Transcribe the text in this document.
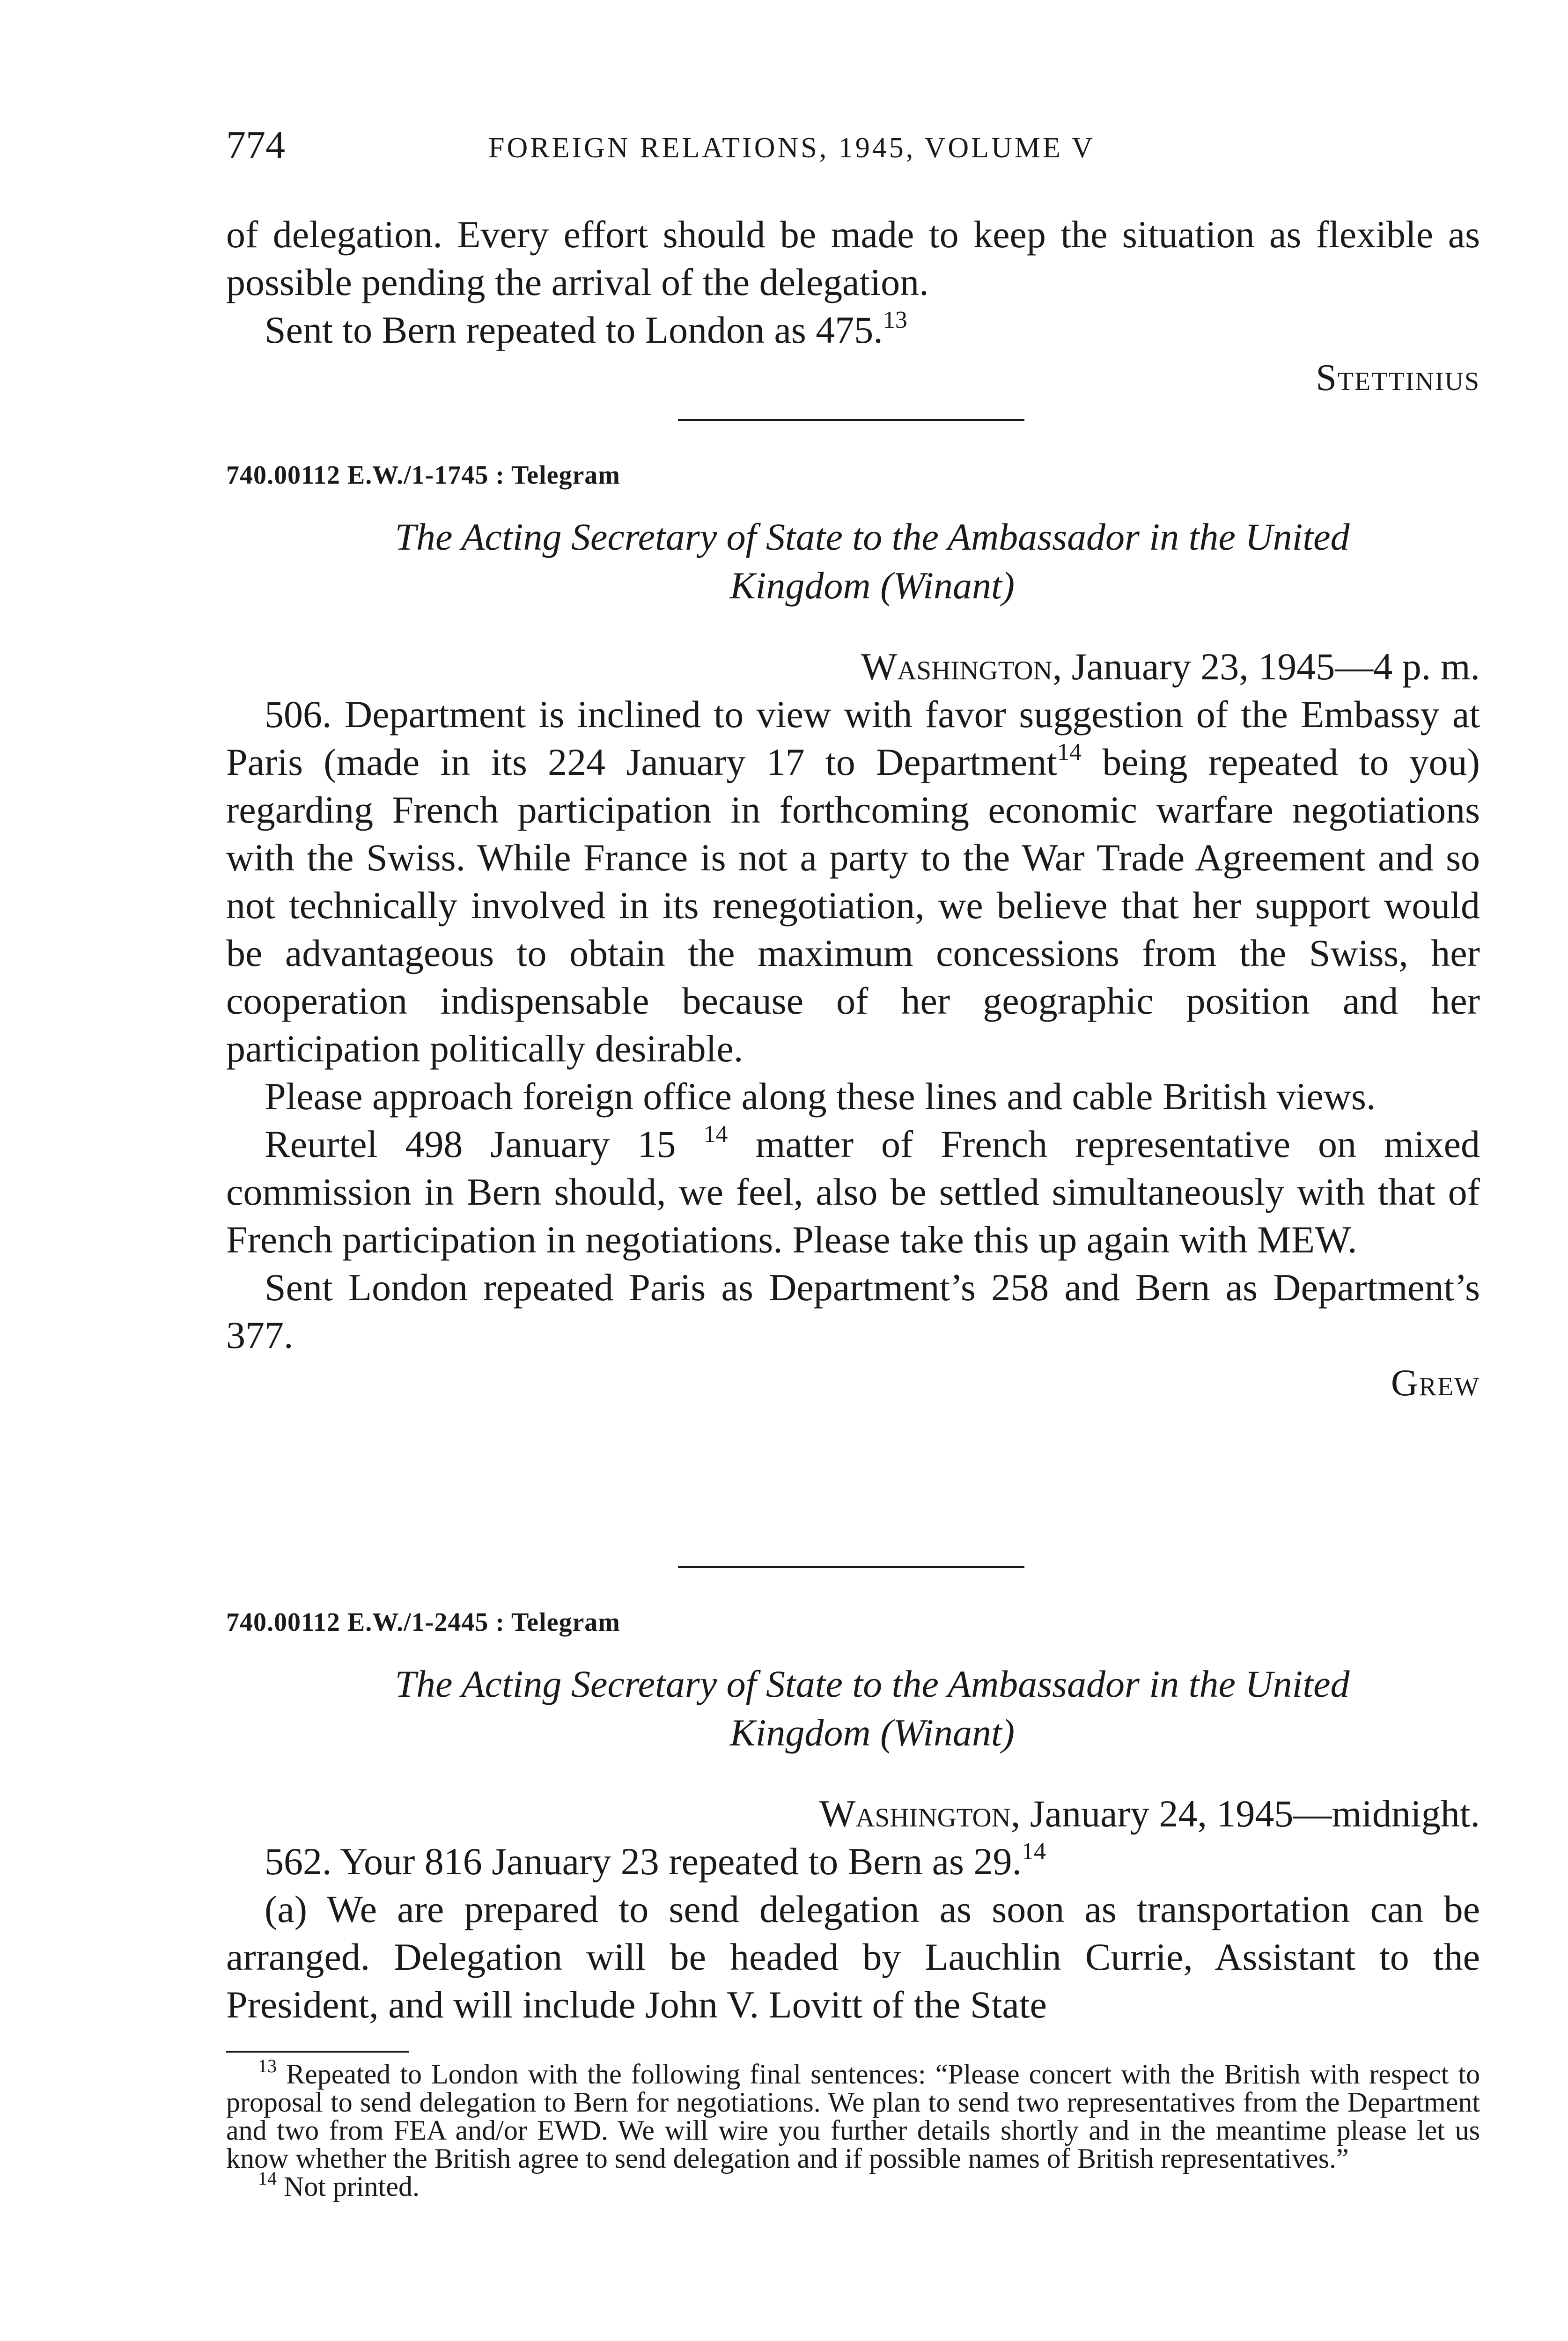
774	FOREIGN RELATIONS, 1945, VOLUME V

of delegation. Every effort should be made to keep the situation as flexible as possible pending the arrival of the delegation.

Sent to Bern repeated to London as 475.13

Stettinius
740.00112 E.W./1-1745 : Telegram
The Acting Secretary of State to the Ambassador in the United
Kingdom (Winant)
Washington, January 23, 1945—4 p. m.

506. Department is inclined to view with favor suggestion of the Embassy at Paris (made in its 224 January 17 to Department$^{14}$ being repeated to you) regarding French participation in forthcoming economic warfare negotiations with the Swiss. While France is not a party to the War Trade Agreement and so not technically involved in its renegotiation, we believe that her support would be advantageous to obtain the maximum concessions from the Swiss, her cooperation indispensable because of her geographic position and her participation politically desirable.

Please approach foreign office along these lines and cable British views.

Reurtel 498 January 15 $^{14}$ matter of French representative on mixed commission in Bern should, we feel, also be settled simultaneously with that of French participation in negotiations. Please take this up again with MEW.

Sent London repeated Paris as Department’s 258 and Bern as Department’s 377.

Grew
740.00112 E.W./1-2445 : Telegram
The Acting Secretary of State to the Ambassador in the United
Kingdom (Winant)
Washington, January 24, 1945—midnight.

562. Your 816 January 23 repeated to Bern as 29.14

(a) We are prepared to send delegation as soon as transportation can be arranged. Delegation will be headed by Lauchlin Currie, Assistant to the President, and will include John V. Lovitt of the State

$^{13}$ Repeated to London with the following final sentences: “Please concert with the British with respect to proposal to send delegation to Bern for negotiations. We plan to send two representatives from the Department and two from FEA and/or EWD. We will wire you further details shortly and in the meantime please let us know whether the British agree to send delegation and if possible names of British representatives.”

$^{14}$ Not printed.
